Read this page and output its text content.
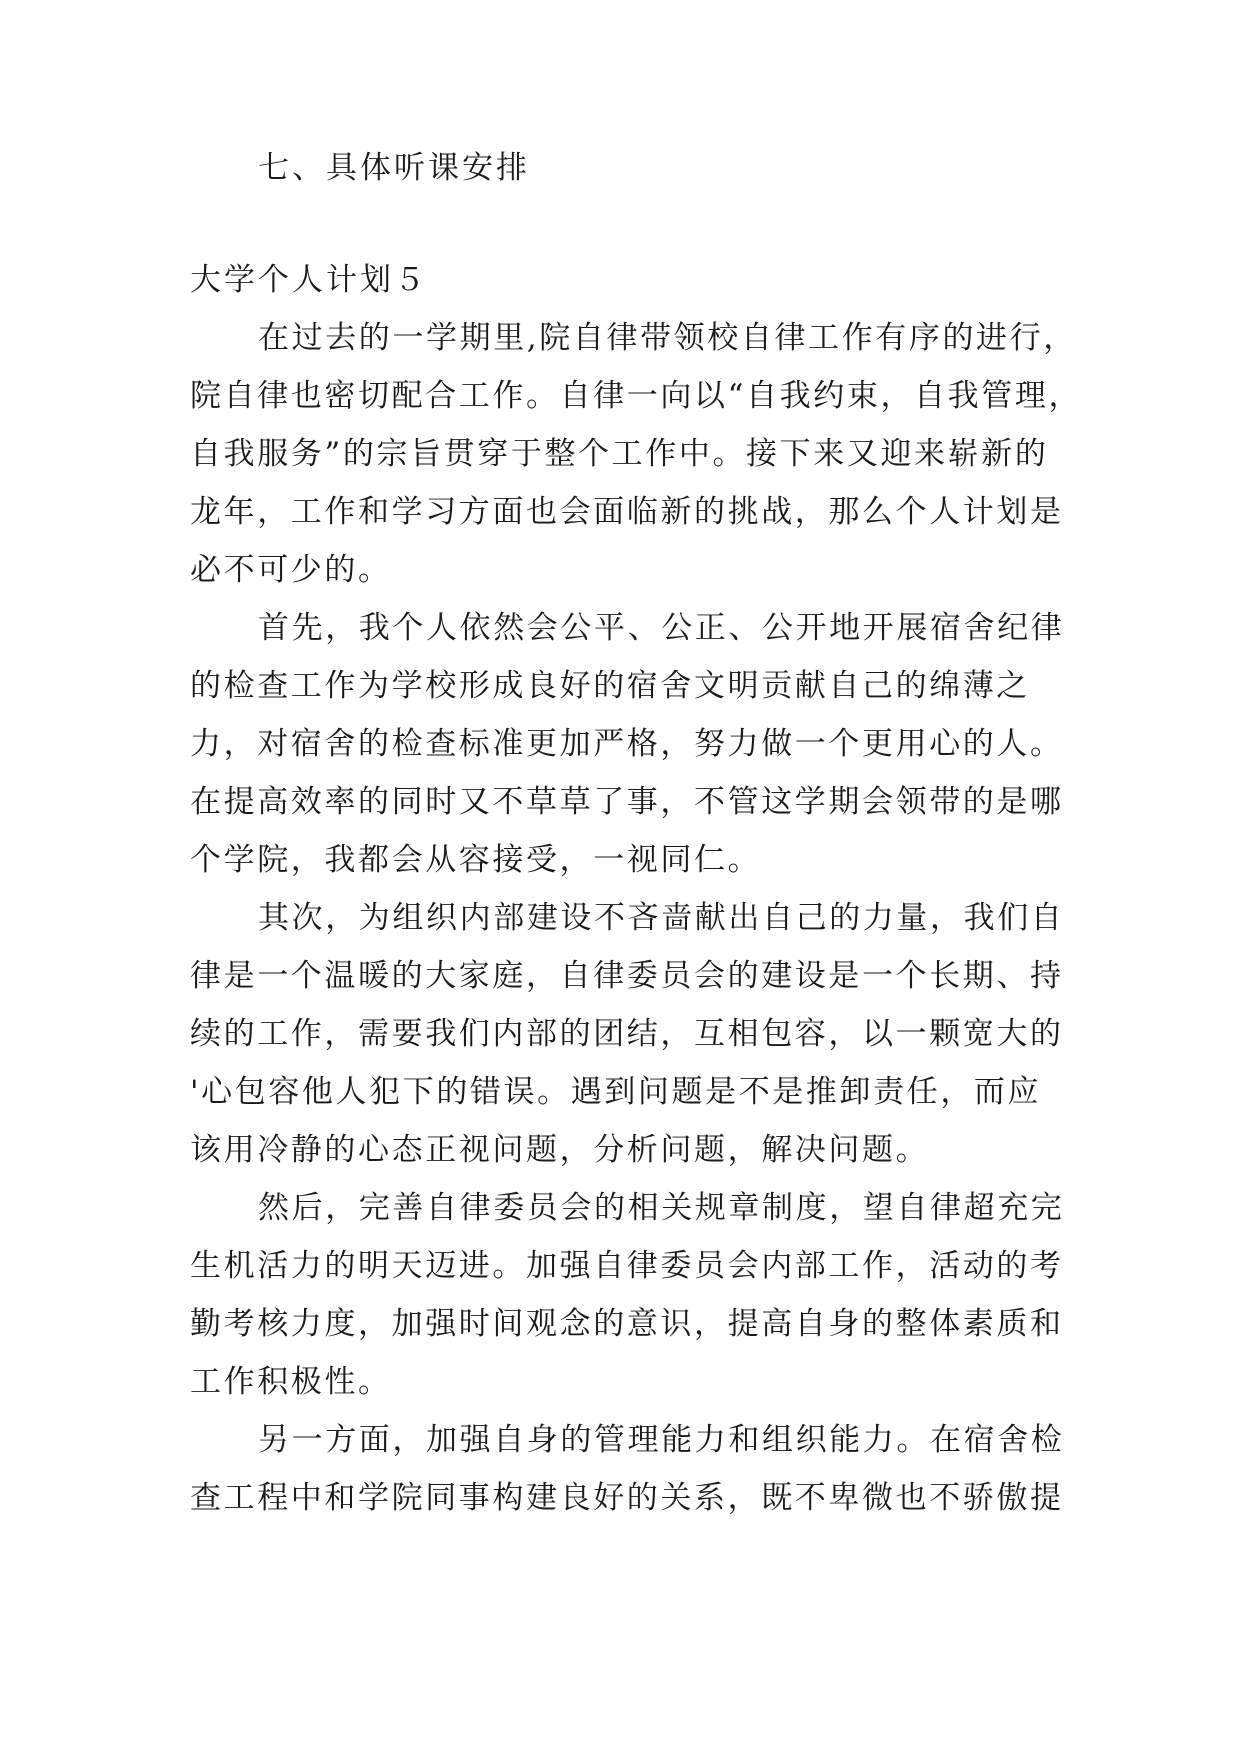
七、具体听课安排
大学个人计划５
在过去的一学期里,院自律带领校自律工作有序的进行，
院自律也密切配合工作。自律一向以“自我约束，自我管理，
自我服务”的宗旨贯穿于整个工作中。接下来又迎来崭新的
龙年，工作和学习方面也会面临新的挑战，那么个人计划是
必不可少的。
首先，我个人依然会公平、公正、公开地开展宿舍纪律
的检查工作为学校形成良好的宿舍文明贡献自己的绵薄之
力，对宿舍的检查标准更加严格，努力做一个更用心的人。
在提高效率的同时又不草草了事，不管这学期会领带的是哪
个学院，我都会从容接受，一视同仁。
其次，为组织内部建设不吝啬献出自己的力量，我们自
律是一个温暖的大家庭，自律委员会的建设是一个长期、持
续的工作，需要我们内部的团结，互相包容，以一颗宽大的
'心包容他人犯下的错误。遇到问题是不是推卸责任，而应
该用冷静的心态正视问题，分析问题，解决问题。
然后，完善自律委员会的相关规章制度，望自律超充完
生机活力的明天迈进。加强自律委员会内部工作，活动的考
勤考核力度，加强时间观念的意识，提高自身的整体素质和
工作积极性。
另一方面，加强自身的管理能力和组织能力。在宿舍检
查工程中和学院同事构建良好的关系，既不卑微也不骄傲提
